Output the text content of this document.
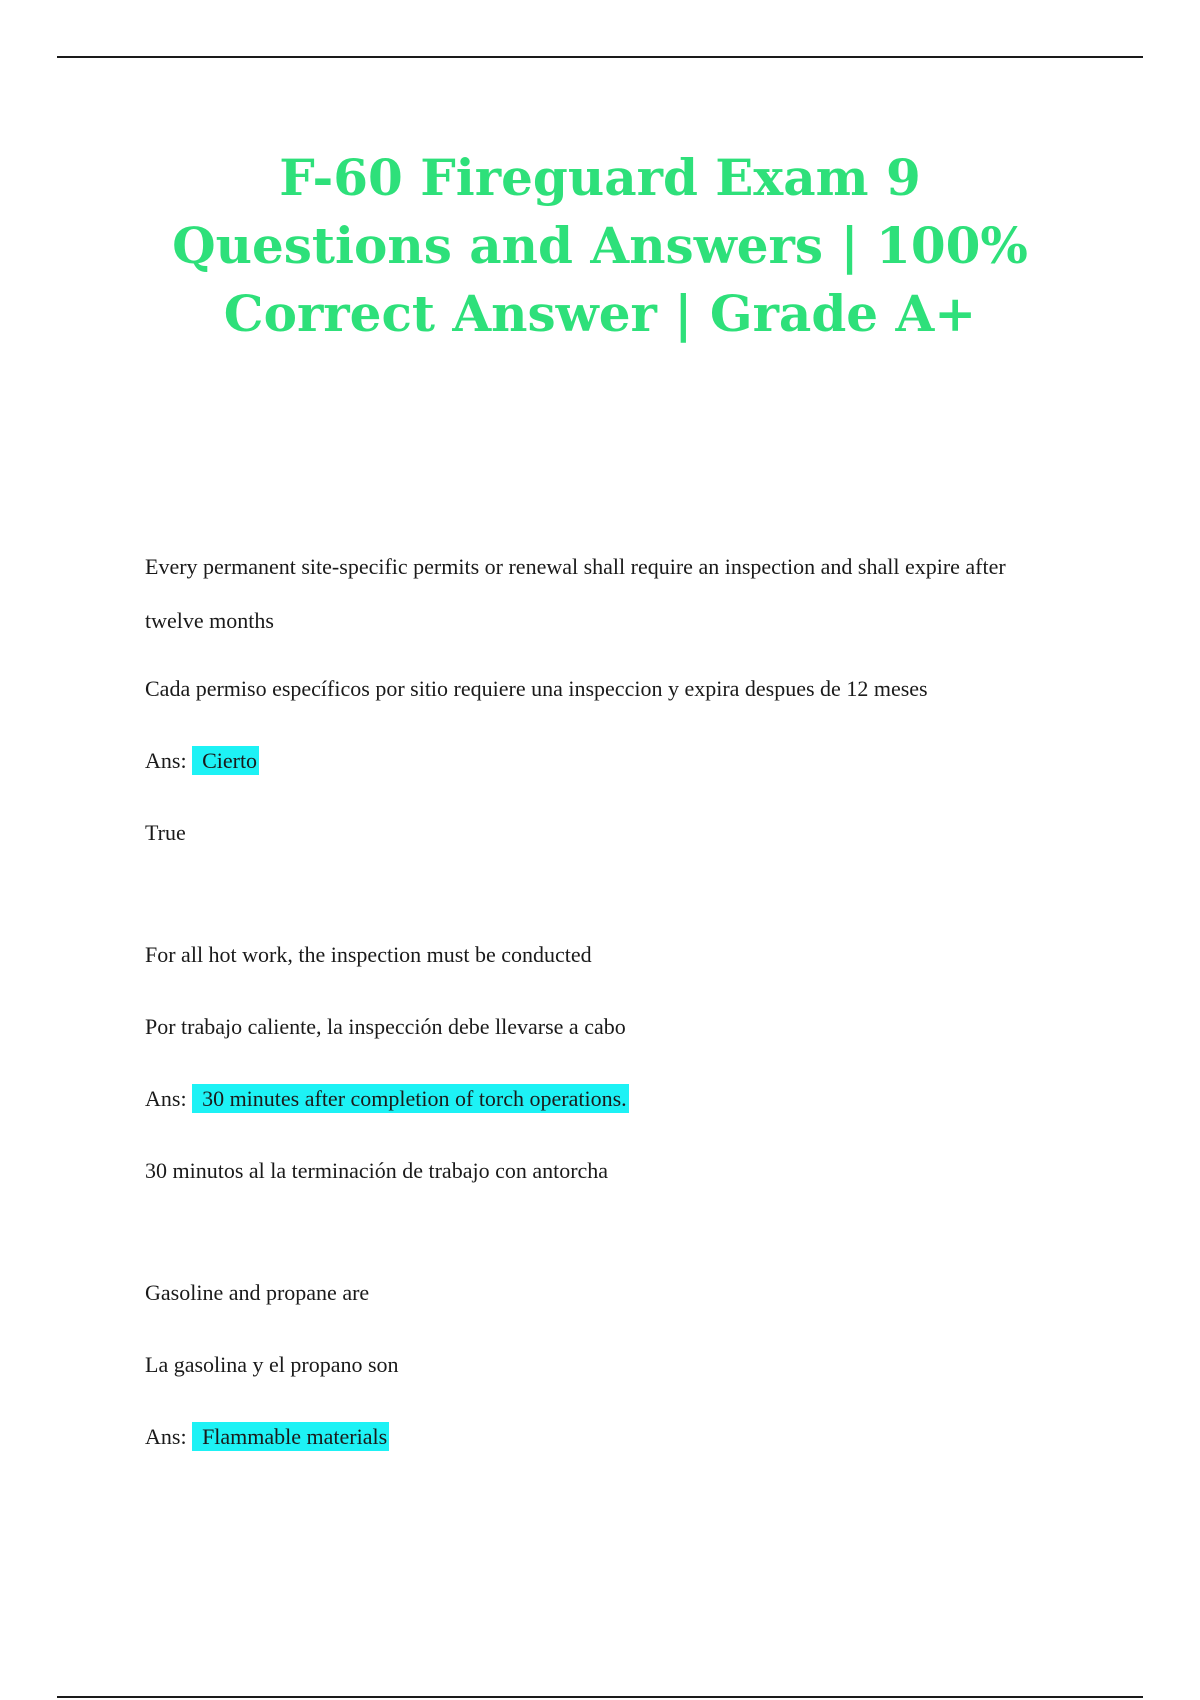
F-60 Fireguard Exam 9 Questions and Answers | 100% Correct Answer | Grade A+

Every permanent site-specific permits or renewal shall require an inspection and shall expire after twelve months

Cada permiso específicos por sitio requiere una inspeccion y expira despues de 12 meses

Ans: Cierto

True

For all hot work, the inspection must be conducted

Por trabajo caliente, la inspección debe llevarse a cabo

Ans: 30 minutes after completion of torch operations.

30 minutos al la terminación de trabajo con antorcha

Gasoline and propane are

La gasolina y el propano son

Ans: Flammable materials
